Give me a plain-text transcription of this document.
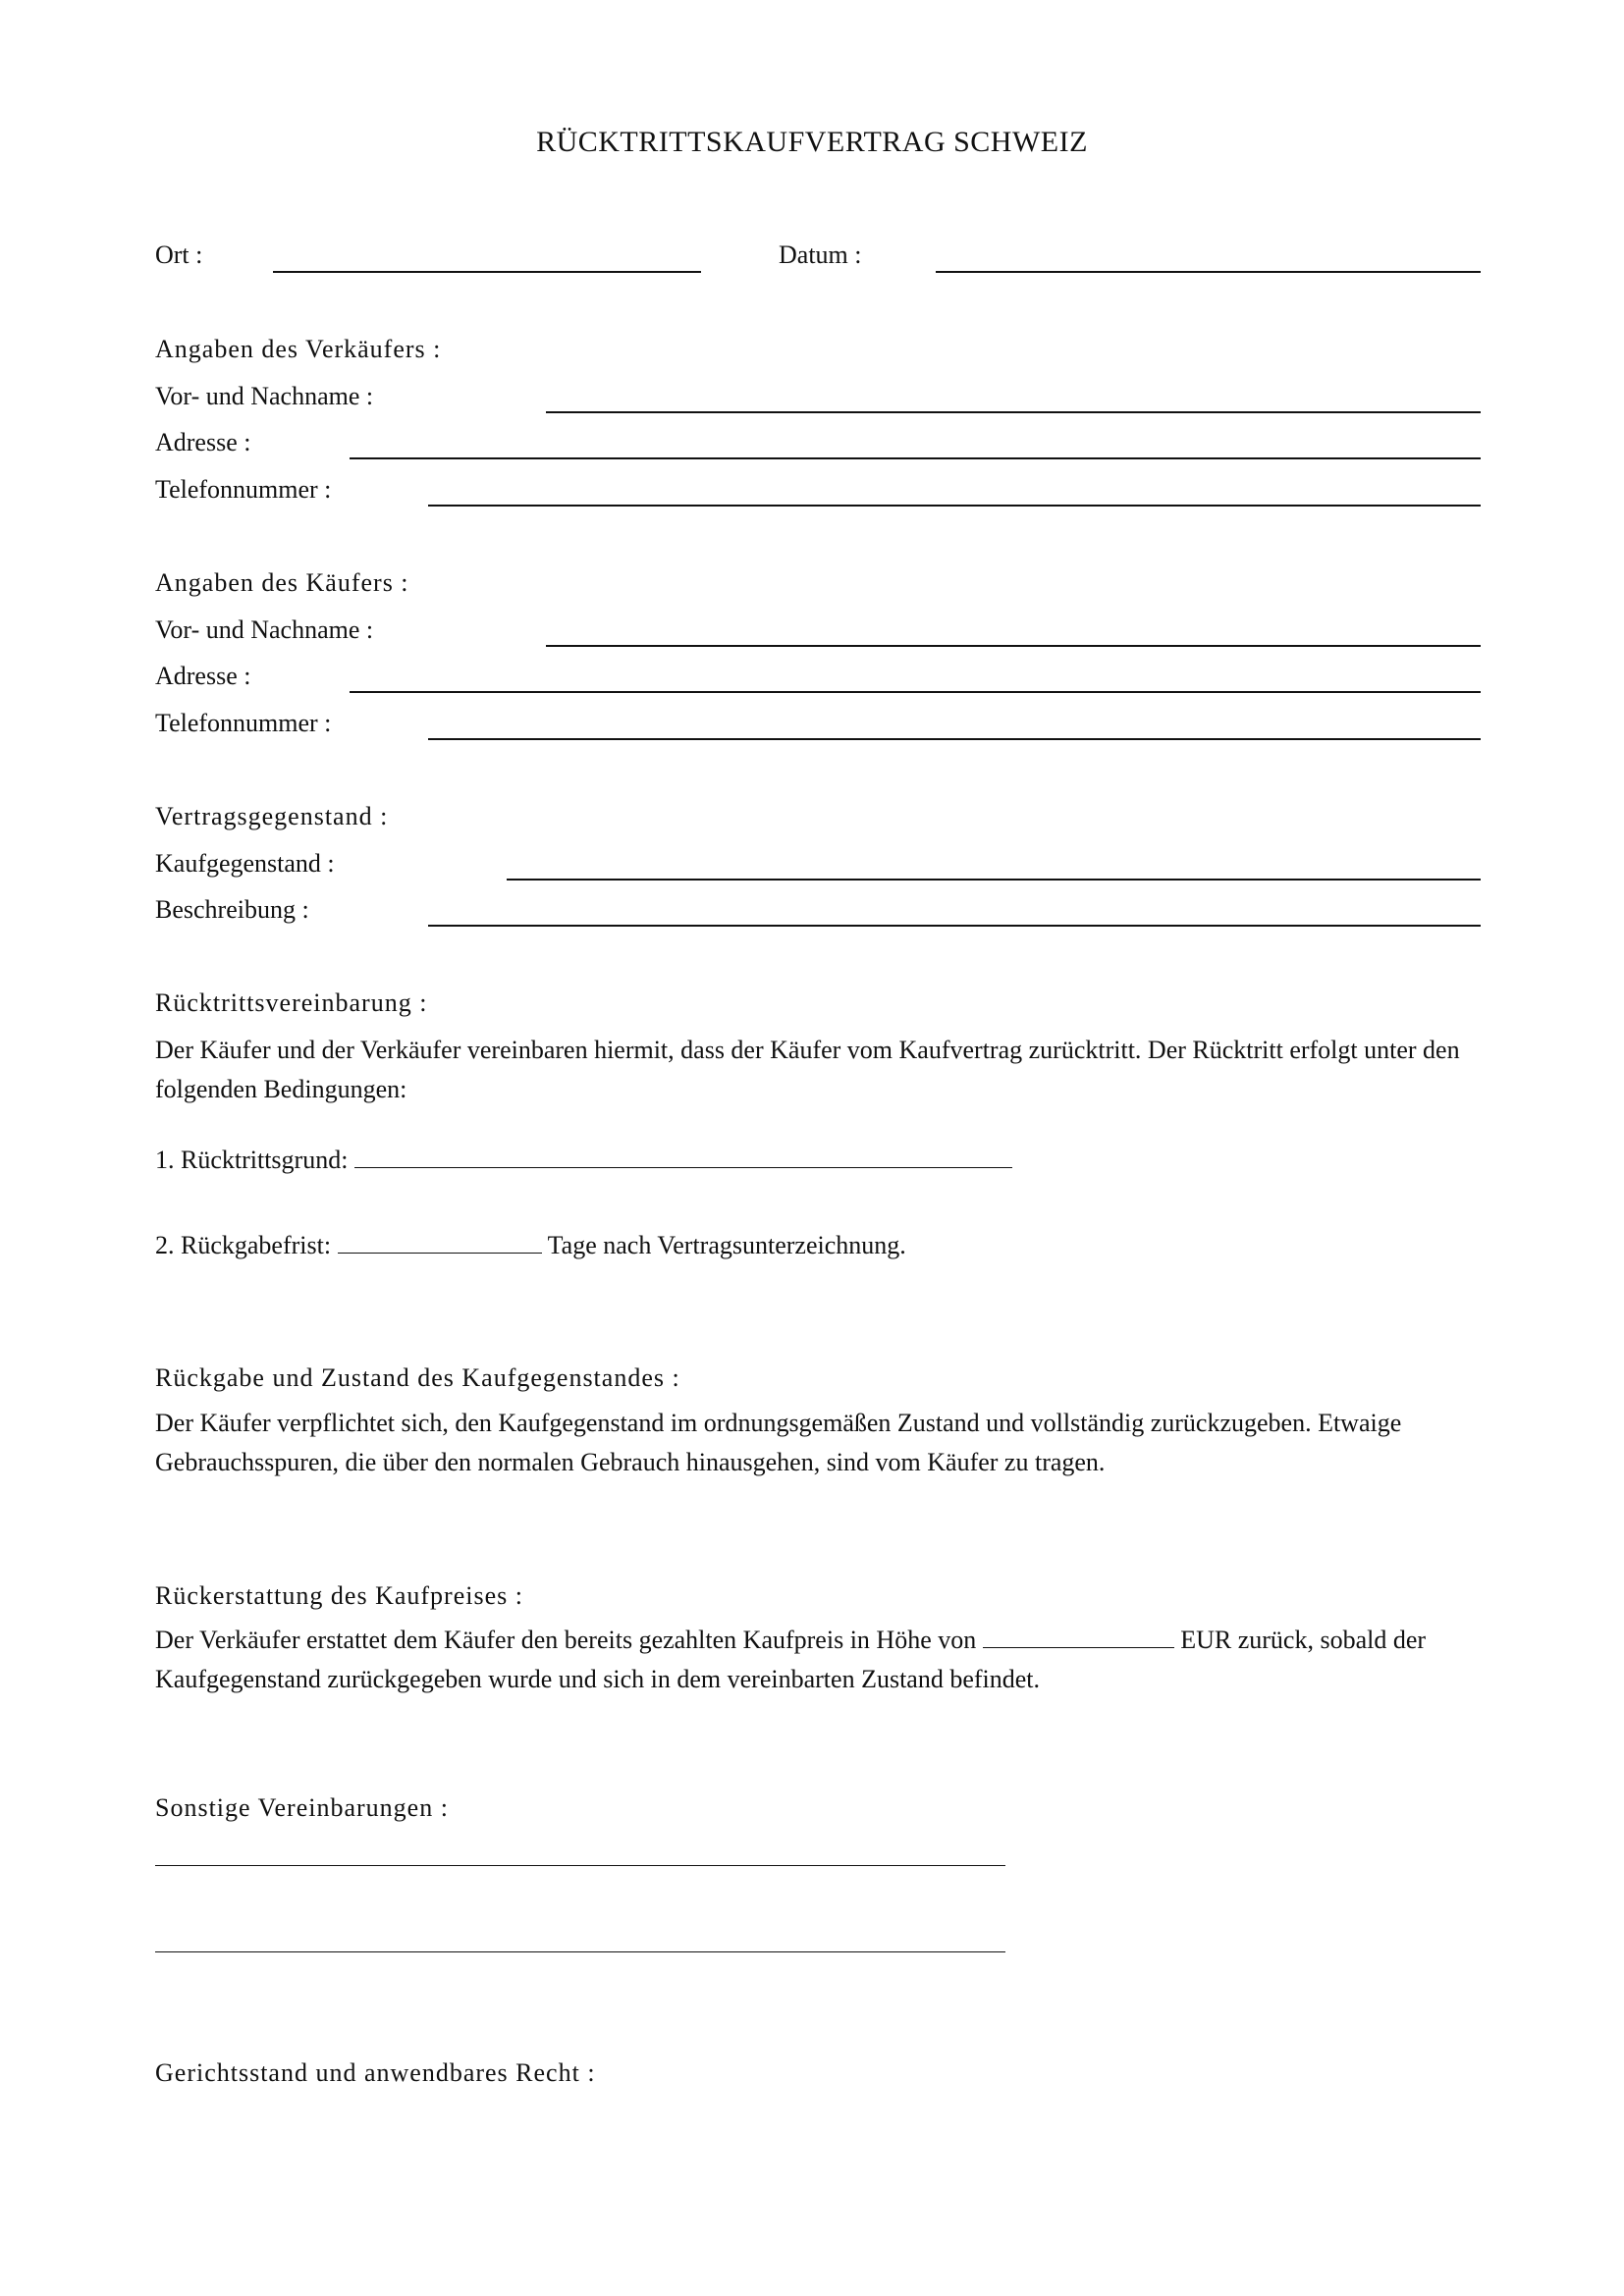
RÜCKTRITTSKAUFVERTRAG SCHWEIZ
Ort :	Datum :
Angaben des Verkäufers :
Vor- und Nachname :
Adresse :
Telefonnummer :
Angaben des Käufers :
Vor- und Nachname :
Adresse :
Telefonnummer :
Vertragsgegenstand :
Kaufgegenstand :
Beschreibung :
Rücktrittsvereinbarung :
Der Käufer und der Verkäufer vereinbaren hiermit, dass der Käufer vom Kaufvertrag zurücktritt. Der Rücktritt erfolgt unter den folgenden Bedingungen:
1. Rücktrittsgrund:
2. Rückgabefrist:	Tage nach Vertragsunterzeichnung.
Rückgabe und Zustand des Kaufgegenstandes :
Der Käufer verpflichtet sich, den Kaufgegenstand im ordnungsgemäßen Zustand und vollständig zurückzugeben. Etwaige Gebrauchsspuren, die über den normalen Gebrauch hinausgehen, sind vom Käufer zu tragen.
Rückerstattung des Kaufpreises :
Der Verkäufer erstattet dem Käufer den bereits gezahlten Kaufpreis in Höhe von	EUR zurück, sobald der Kaufgegenstand zurückgegeben wurde und sich in dem vereinbarten Zustand befindet.
Sonstige Vereinbarungen :
Gerichtsstand und anwendbares Recht :
